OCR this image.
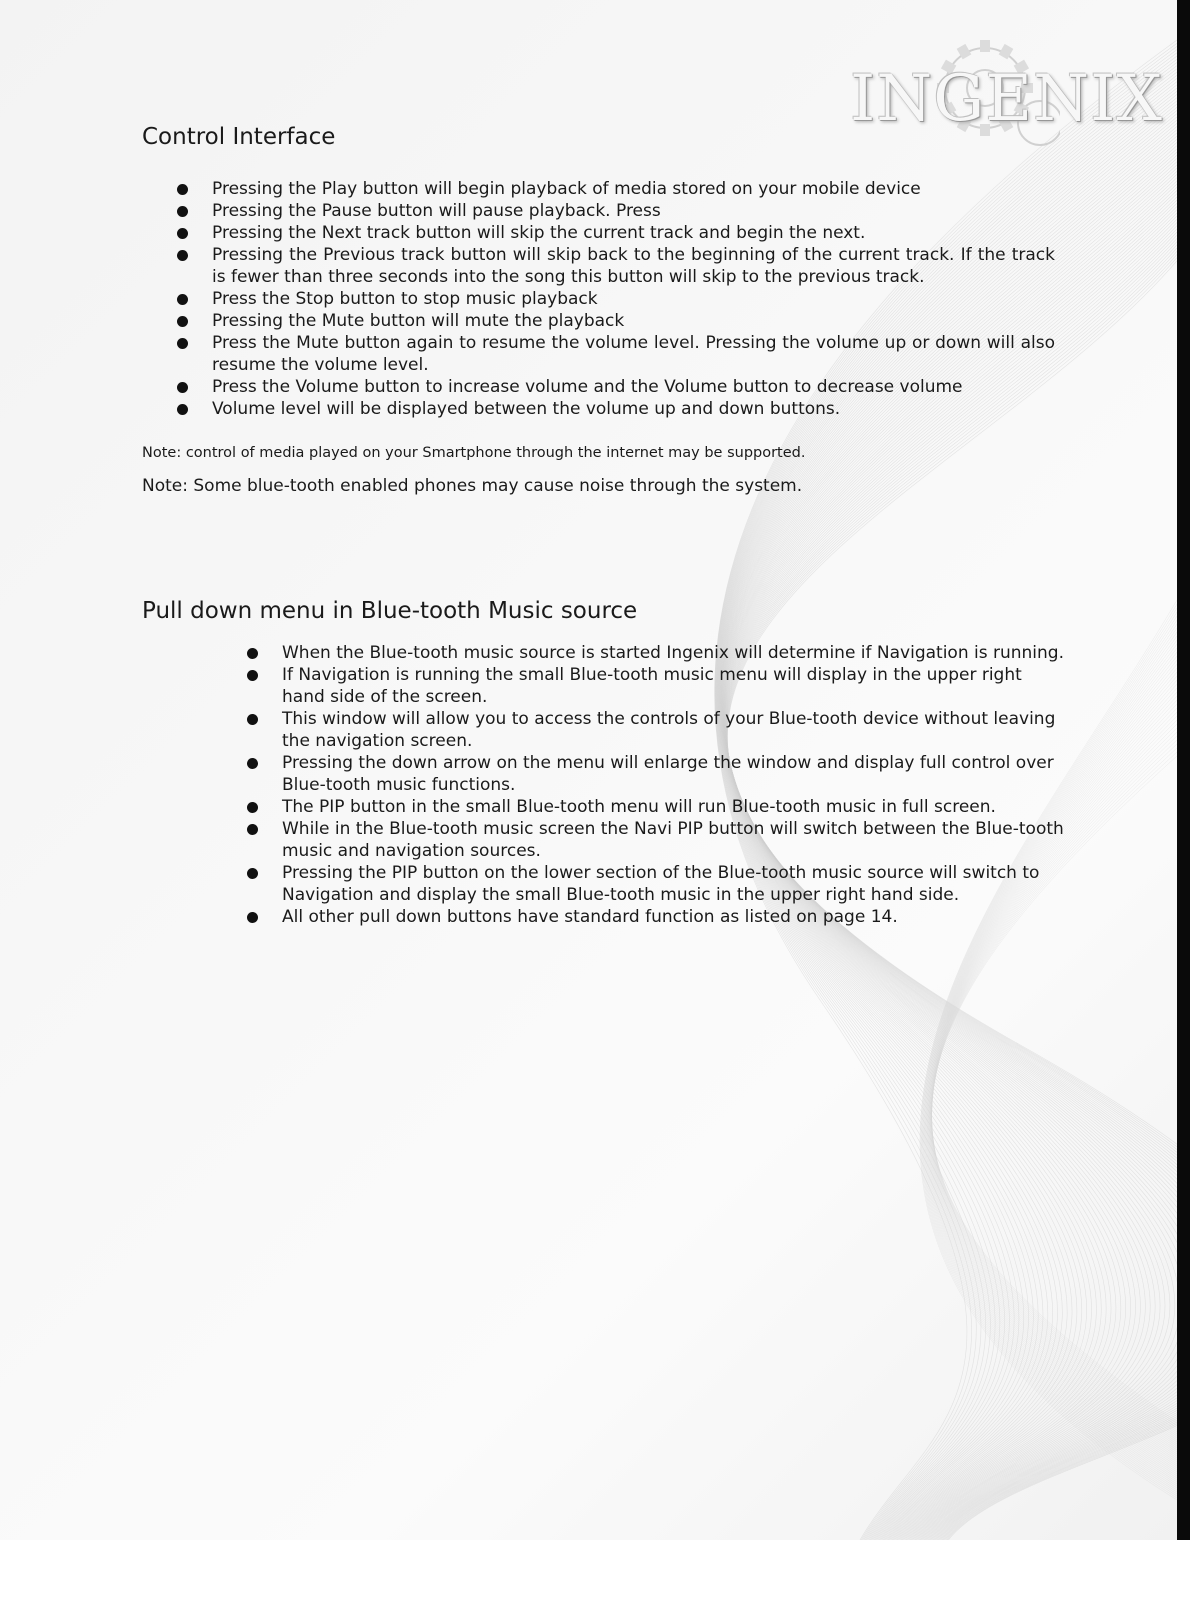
INGENIX
Control Interface
Pressing the Play button will begin playback of media stored on your mobile device
Pressing the Pause button will pause playback. Press
Pressing the Next track button will skip the current track and begin the next.
Pressing the Previous track button will skip back to the beginning of the current track. If the track is fewer than three seconds into the song this button will skip to the previous track.
Press the Stop button to stop music playback
Pressing the Mute button will mute the playback
Press the Mute button again to resume the volume level. Pressing the volume up or down will also resume the volume level.
Press the Volume button to increase volume and the Volume button to decrease volume
Volume level will be displayed between the volume up and down buttons.

Note: control of media played on your Smartphone through the internet may be supported.

Note: Some blue-tooth enabled phones may cause noise through the system.

Pull down menu in Blue-tooth Music source
When the Blue-tooth music source is started Ingenix will determine if Navigation is running.
If Navigation is running the small Blue-tooth music menu will display in the upper right hand side of the screen.
This window will allow you to access the controls of your Blue-tooth device without leaving the navigation screen.
Pressing the down arrow on the menu will enlarge the window and display full control over Blue-tooth music functions.
The PIP button in the small Blue-tooth menu will run Blue-tooth music in full screen.
While in the Blue-tooth music screen the Navi PIP button will switch between the Blue-tooth music and navigation sources.
Pressing the PIP button on the lower section of the Blue-tooth music source will switch to Navigation and display the small Blue-tooth music in the upper right hand side.
All other pull down buttons have standard function as listed on page 14.
